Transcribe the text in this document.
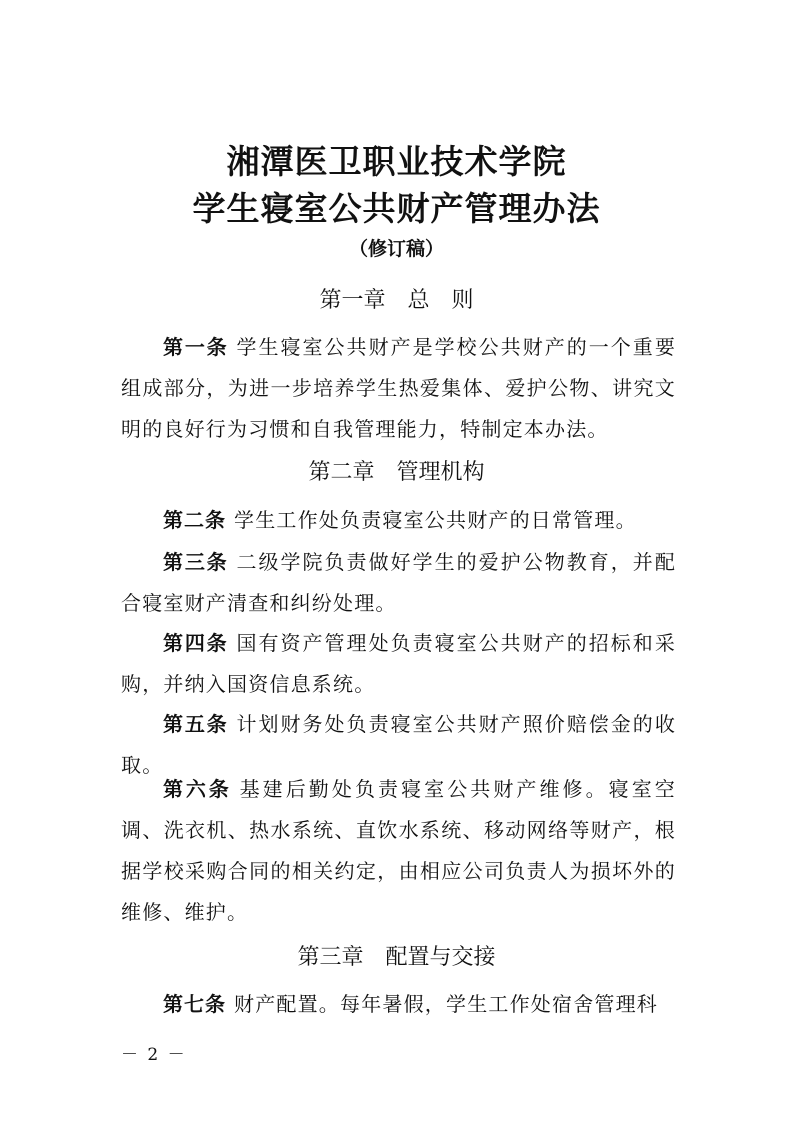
湘潭医卫职业技术学院
学生寝室公共财产管理办法
（修订稿）
第一章　总　则

第一条 学生寝室公共财产是学校公共财产的一个重要组成部分，为进一步培养学生热爱集体、爱护公物、讲究文明的良好行为习惯和自我管理能力，特制定本办法。

第二章　管理机构

第二条 学生工作处负责寝室公共财产的日常管理。

第三条 二级学院负责做好学生的爱护公物教育，并配合寝室财产清查和纠纷处理。

第四条 国有资产管理处负责寝室公共财产的招标和采购，并纳入国资信息系统。

第五条 计划财务处负责寝室公共财产照价赔偿金的收取。

第六条 基建后勤处负责寝室公共财产维修。寝室空调、洗衣机、热水系统、直饮水系统、移动网络等财产，根据学校采购合同的相关约定，由相应公司负责人为损坏外的维修、维护。

第三章　配置与交接

第七条 财产配置。每年暑假，学生工作处宿舍管理科

－ 2 －
